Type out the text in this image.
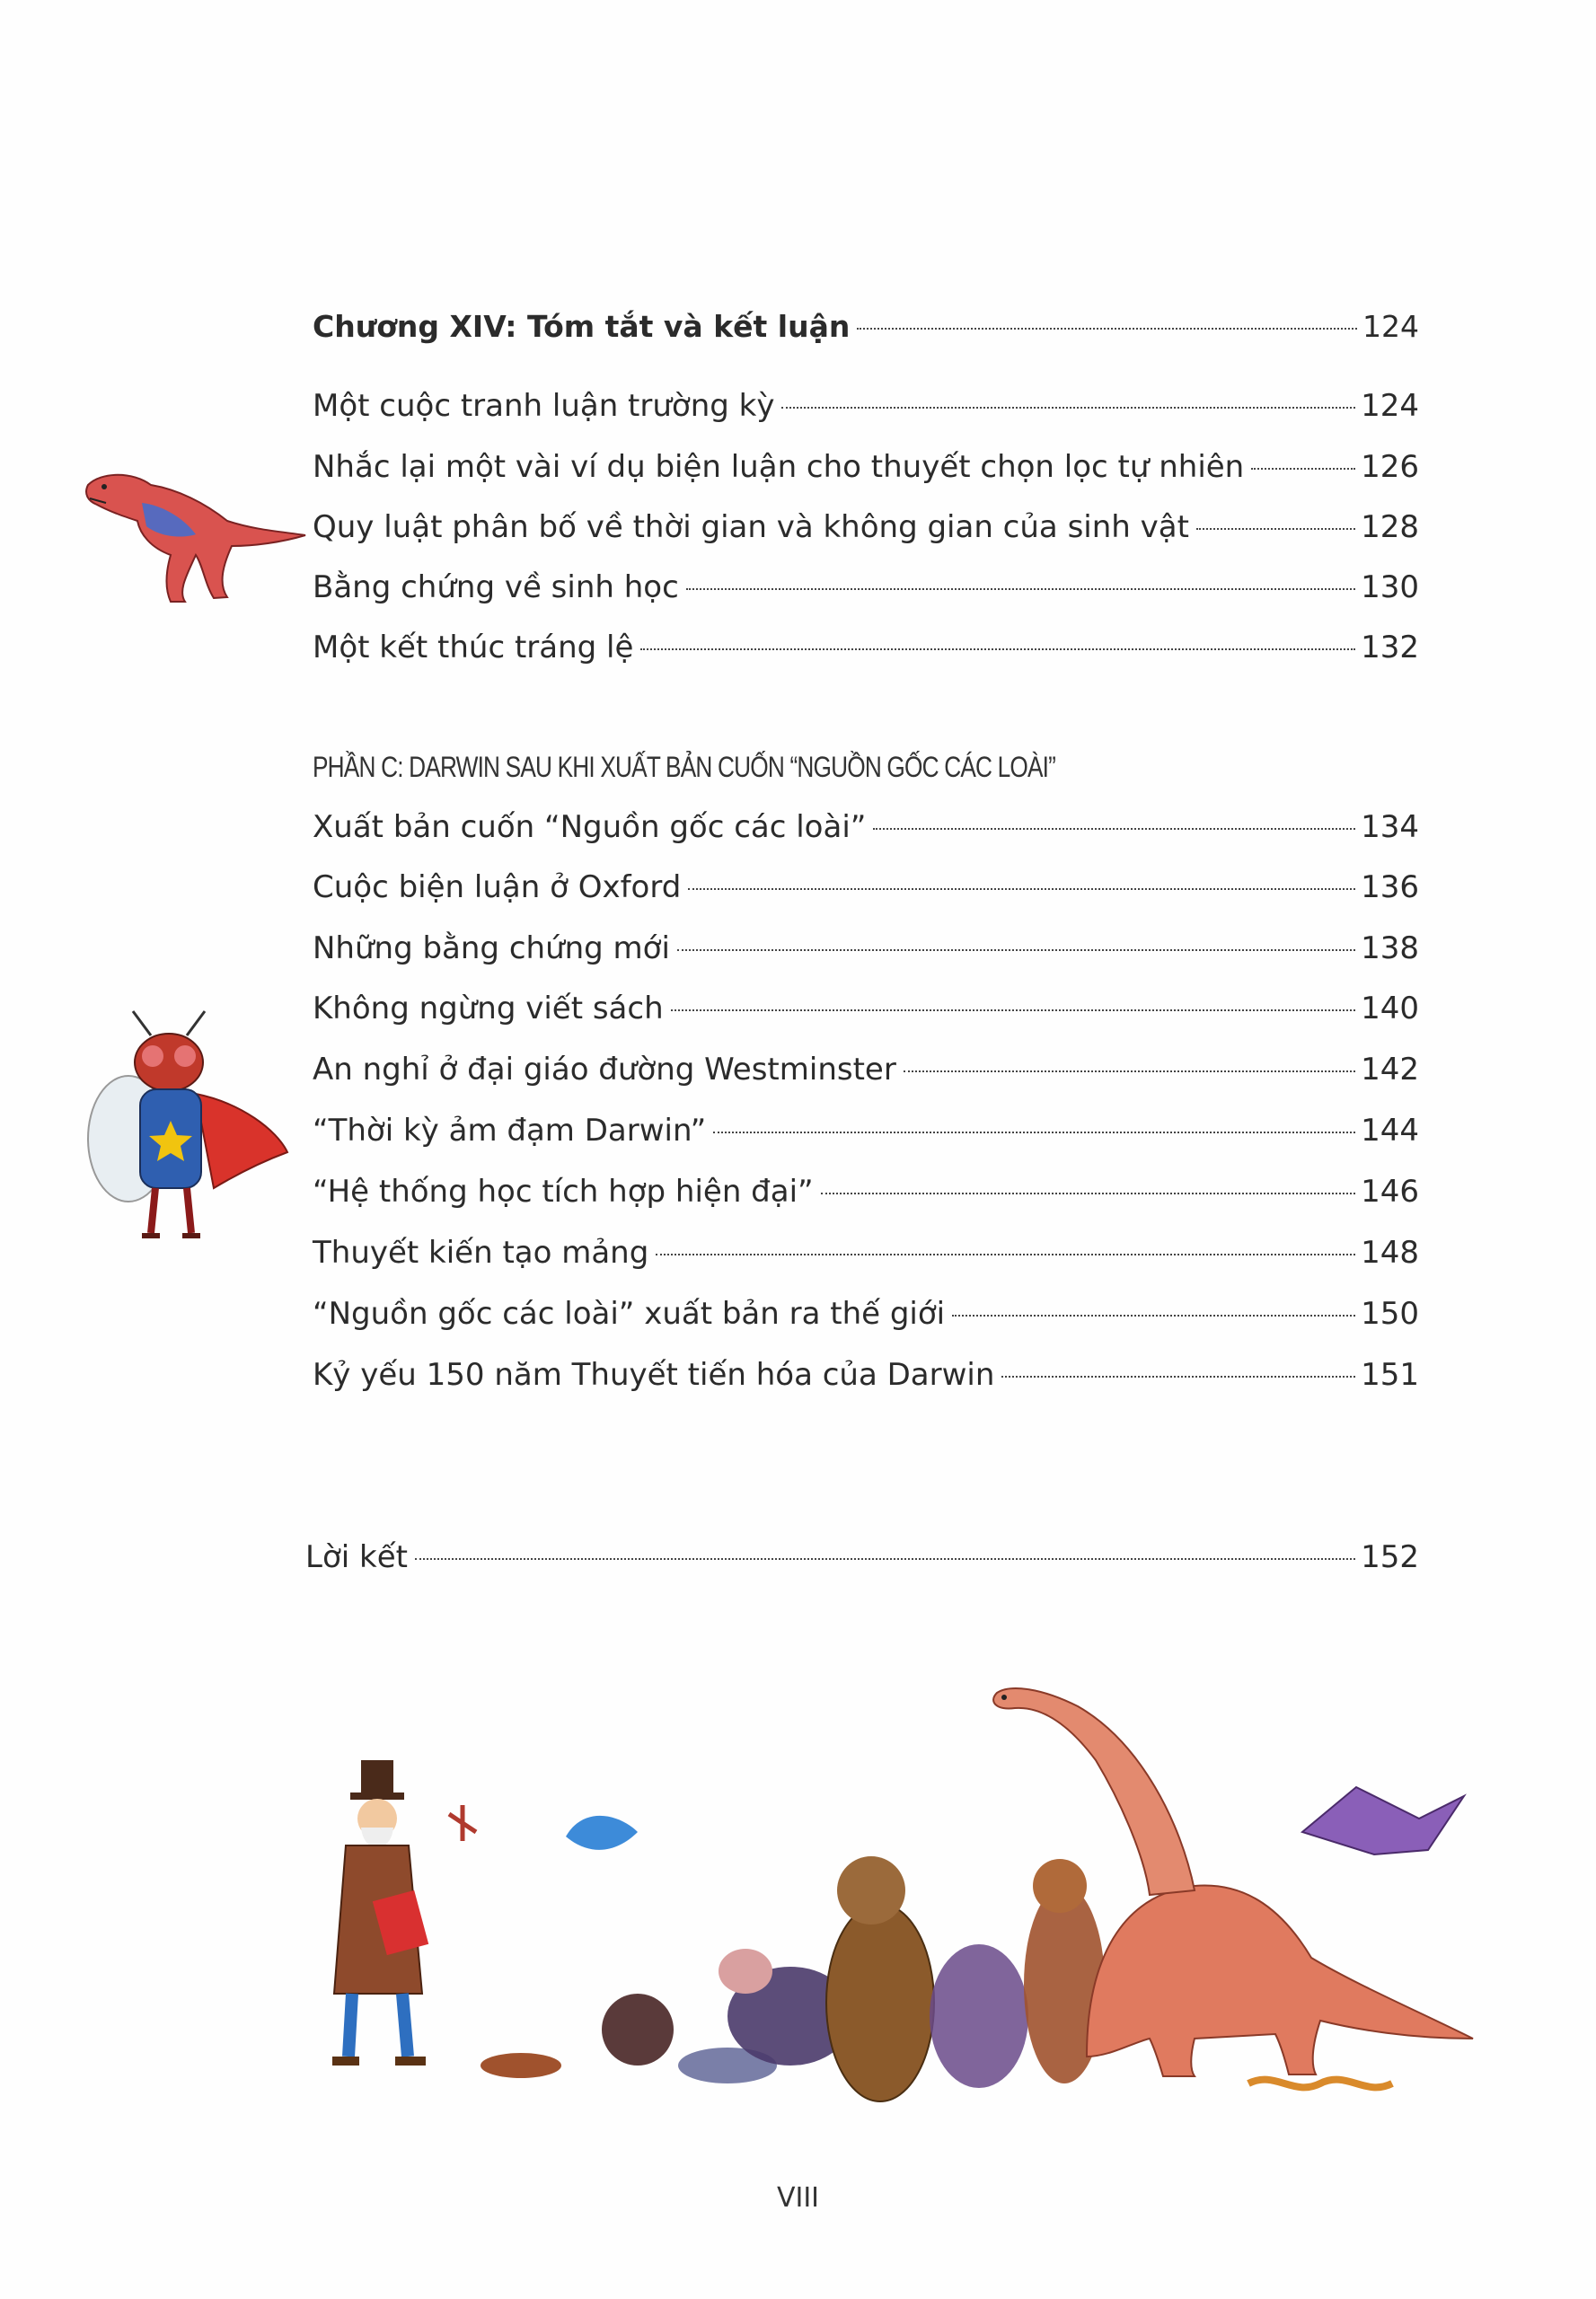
Chương XIV: Tóm tắt và kết luận	124
Một cuộc tranh luận trường kỳ	124
Nhắc lại một vài ví dụ biện luận cho thuyết chọn lọc tự nhiên	126
Quy luật phân bố về thời gian và không gian của sinh vật	128
Bằng chứng về sinh học	130
Một kết thúc tráng lệ	132
PHẦN C: DARWIN SAU KHI XUẤT BẢN CUỐN “NGUỒN GỐC CÁC LOÀI”
Xuất bản cuốn “Nguồn gốc các loài”	134
Cuộc biện luận ở Oxford	136
Những bằng chứng mới	138
Không ngừng viết sách	140
An nghỉ ở đại giáo đường Westminster	142
“Thời kỳ ảm đạm Darwin”	144
“Hệ thống học tích hợp hiện đại”	146
Thuyết kiến tạo mảng	148
“Nguồn gốc các loài” xuất bản ra thế giới	150
Kỷ yếu 150 năm Thuyết tiến hóa của Darwin	151
Lời kết	152
VIII
